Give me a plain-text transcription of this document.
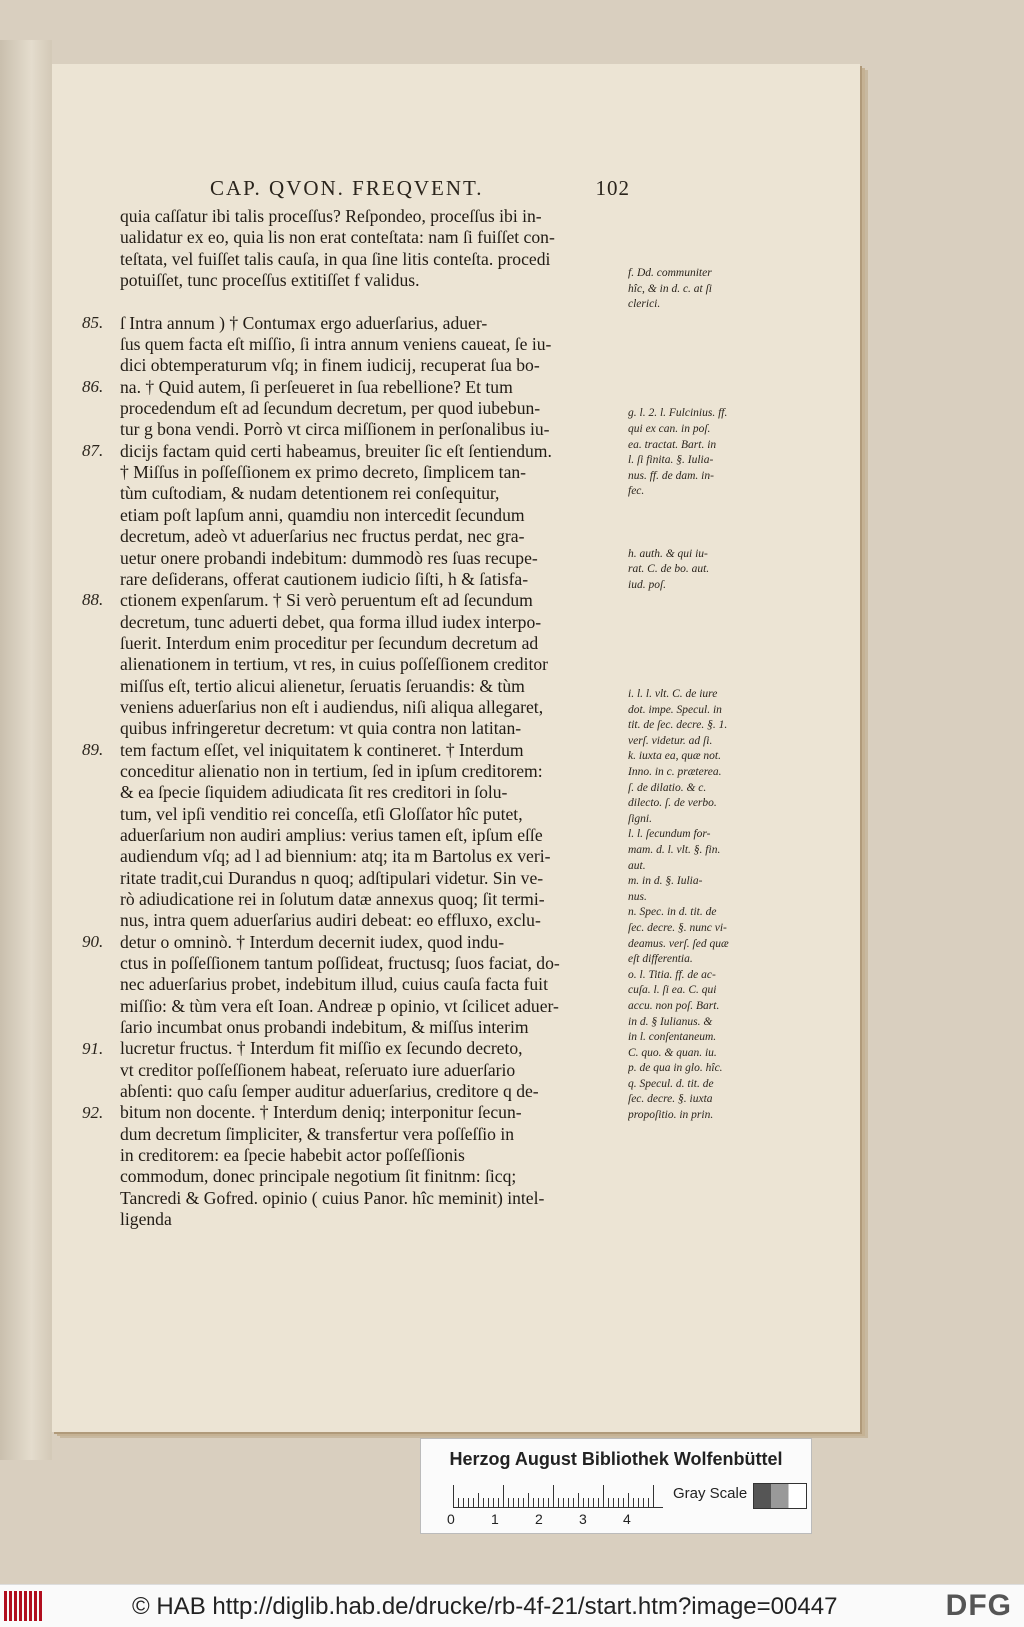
CAP. QVON. FREQVENT.	102
quia caſſatur ibi talis proceſſus? Reſpondeo, proceſſus ibi in-
ualidatur ex eo, quia lis non erat conteſtata: nam ſi fuiſſet con-
teſtata, vel fuiſſet talis cauſa, in qua ſine litis conteſta. procedi
potuiſſet, tunc proceſſus extitiſſet f validus.

ſ Intra annum ) † Contumax ergo aduerſarius, aduer-
ſus quem facta eſt miſſio, ſi intra annum veniens caueat, ſe iu-
dici obtemperaturum vſq; in finem iudicij, recuperat ſua bo-
na. † Quid autem, ſi perſeueret in ſua rebellione? Et tum
procedendum eſt ad ſecundum decretum, per quod iubebun-
tur g bona vendi. Porrò vt circa miſſionem in perſonalibus iu-
dicijs factam quid certi habeamus, breuiter ſic eſt ſentiendum.
† Miſſus in poſſeſſionem ex primo decreto, ſimplicem tan-
tùm cuſtodiam, & nudam detentionem rei conſequitur,
etiam poſt lapſum anni, quamdiu non intercedit ſecundum
decretum, adeò vt aduerſarius nec fructus perdat, nec gra-
uetur onere probandi indebitum: dummodò res ſuas recupe-
rare deſiderans, offerat cautionem iudicio ſiſti, h & ſatisfa-
ctionem expenſarum. † Si verò peruentum eſt ad ſecundum
decretum, tunc aduerti debet, qua forma illud iudex interpo-
ſuerit. Interdum enim proceditur per ſecundum decretum ad
alienationem in tertium, vt res, in cuius poſſeſſionem creditor
miſſus eſt, tertio alicui alienetur, ſeruatis ſeruandis: & tùm
veniens aduerſarius non eſt i audiendus, niſi aliqua allegaret,
quibus infringeretur decretum: vt quia contra non latitan-
tem factum eſſet, vel iniquitatem k contineret. † Interdum
conceditur alienatio non in tertium, ſed in ipſum creditorem:
& ea ſpecie ſiquidem adiudicata ſit res creditori in ſolu-
tum, vel ipſi venditio rei conceſſa, etſi Gloſſator hîc putet,
aduerſarium non audiri amplius: verius tamen eſt, ipſum eſſe
audiendum vſq; ad l ad biennium: atq; ita m Bartolus ex veri-
ritate tradit,cui Durandus n quoq; adſtipulari videtur. Sin ve-
rò adiudicatione rei in ſolutum datæ annexus quoq; ſit termi-
nus, intra quem aduerſarius audiri debeat: eo effluxo, exclu-
detur o omninò. † Interdum decernit iudex, quod indu-
ctus in poſſeſſionem tantum poſſideat, fructusq; ſuos faciat, do-
nec aduerſarius probet, indebitum illud, cuius cauſa facta fuit
miſſio: & tùm vera eſt Ioan. Andreæ p opinio, vt ſcilicet aduer-
ſario incumbat onus probandi indebitum, & miſſus interim
lucretur fructus. † Interdum fit miſſio ex ſecundo decreto,
vt creditor poſſeſſionem habeat, reſeruato iure aduerſario
abſenti: quo caſu ſemper auditur aduerſarius, creditore q de-
bitum non docente. † Interdum deniq; interponitur ſecun-
dum decretum ſimpliciter, & transfertur vera poſſeſſio in
in creditorem: ea ſpecie habebit actor poſſeſſionis
commodum, donec principale negotium ſit finitnm: ſicq;
Tancredi & Gofred. opinio ( cuius Panor. hîc meminit) intel-
ligenda
85.
86.
87.
88.
89.
90.
91.
92.
f. Dd. communiter
hîc, & in d. c. at ſi
clerici.

g. l. 2. l. Fulcinius. ff.
qui ex can. in poſ.
ea. tractat. Bart. in
l. ſi finita. §. Iulia-
nus. ff. de dam. in-
fec.

h. auth. & qui iu-
rat. C. de bo. aut.
iud. poſ.

i. l. l. vlt. C. de iure
dot. impe. Specul. in
tit. de ſec. decre. §. 1.
verſ. videtur. ad ſi.
k. iuxta ea, quæ not.
Inno. in c. præterea.
ſ. de dilatio. & c.
dilecto. ſ. de verbo.
ſigni.
l. l. ſecundum for-
mam. d. l. vlt. §. fin.
aut.
m. in d. §. Iulia-
nus.
n. Spec. in d. tit. de
ſec. decre. §. nunc vi-
deamus. verſ. ſed quæ
eſt differentia.
o. l. Titia. ff. de ac-
cuſa. l. ſi ea. C. qui
accu. non poſ. Bart.
in d. § Iulianus. &
in l. conſentaneum.
C. quo. & quan. iu.
p. de qua in glo. hîc.
q. Specul. d. tit. de
ſec. decre. §. iuxta
propoſitio. in prin.
Herzog August Bibliothek Wolfenbüttel
0	1	2	3	4
Gray Scale
© HAB http://diglib.hab.de/drucke/rb-4f-21/start.htm?image=00447	DFG
